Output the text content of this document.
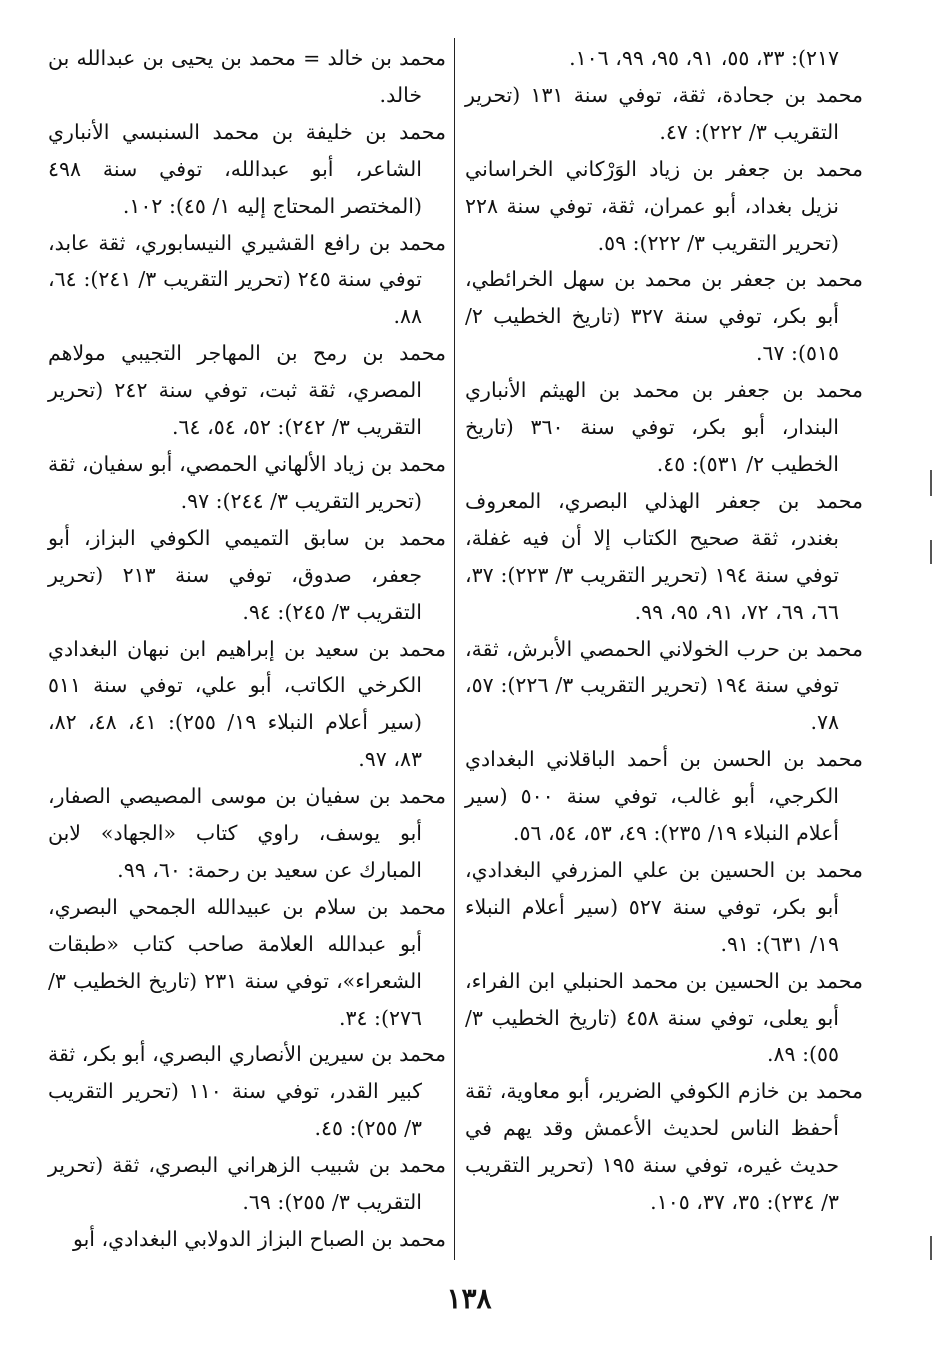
٢١٧): ٣٣، ٥٥، ٩١، ٩٥، ٩٩، ١٠٦.

محمد بن جحادة، ثقة، توفي سنة ١٣١ (تحرير التقريب ٣/ ٢٢٢): ٤٧.

محمد بن جعفر بن زياد الوَرْكاني الخراساني نزيل بغداد، أبو عمران، ثقة، توفي سنة ٢٢٨ (تحرير التقريب ٣/ ٢٢٢): ٥٩.

محمد بن جعفر بن محمد بن سهل الخرائطي، أبو بكر، توفي سنة ٣٢٧ (تاريخ الخطيب ٢/ ٥١٥): ٦٧.

محمد بن جعفر بن محمد بن الهيثم الأنباري البندار، أبو بكر، توفي سنة ٣٦٠ (تاريخ الخطيب ٢/ ٥٣١): ٤٥.

محمد بن جعفر الهذلي البصري، المعروف بغندر، ثقة صحيح الكتاب إلا أن فيه غفلة، توفي سنة ١٩٤ (تحرير التقريب ٣/ ٢٢٣): ٣٧، ٦٦، ٦٩، ٧٢، ٩١، ٩٥، ٩٩.

محمد بن حرب الخولاني الحمصي الأبرش، ثقة، توفي سنة ١٩٤ (تحرير التقريب ٣/ ٢٢٦): ٥٧، ٧٨.

محمد بن الحسن بن أحمد الباقلاني البغدادي الكرجي، أبو غالب، توفي سنة ٥٠٠ (سير أعلام النبلاء ١٩/ ٢٣٥): ٤٩، ٥٣، ٥٤، ٥٦.

محمد بن الحسين بن علي المزرفي البغدادي، أبو بكر، توفي سنة ٥٢٧ (سير أعلام النبلاء ١٩/ ٦٣١): ٩١.

محمد بن الحسين بن محمد الحنبلي ابن الفراء، أبو يعلى، توفي سنة ٤٥٨ (تاريخ الخطيب ٣/ ٥٥): ٨٩.

محمد بن خازم الكوفي الضرير، أبو معاوية، ثقة أحفظ الناس لحديث الأعمش وقد يهم في حديث غيره، توفي سنة ١٩٥ (تحرير التقريب ٣/ ٢٣٤): ٣٥، ٣٧، ١٠٥.

محمد بن خالد = محمد بن يحيى بن عبدالله بن خالد.

محمد بن خليفة بن محمد السنبسي الأنباري الشاعر، أبو عبدالله، توفي سنة ٤٩٨ (المختصر المحتاج إليه ١/ ٤٥): ١٠٢.

محمد بن رافع القشيري النيسابوري، ثقة عابد، توفي سنة ٢٤٥ (تحرير التقريب ٣/ ٢٤١): ٦٤، ٨٨.

محمد بن رمح بن المهاجر التجيبي مولاهم المصري، ثقة ثبت، توفي سنة ٢٤٢ (تحرير التقريب ٣/ ٢٤٢): ٥٢، ٥٤، ٦٤.

محمد بن زياد الألهاني الحمصي، أبو سفيان، ثقة (تحرير التقريب ٣/ ٢٤٤): ٩٧.

محمد بن سابق التميمي الكوفي البزاز، أبو جعفر، صدوق، توفي سنة ٢١٣ (تحرير التقريب ٣/ ٢٤٥): ٩٤.

محمد بن سعيد بن إبراهيم ابن نبهان البغدادي الكرخي الكاتب، أبو علي، توفي سنة ٥١١ (سير أعلام النبلاء ١٩/ ٢٥٥): ٤١، ٤٨، ٨٢، ٨٣، ٩٧.

محمد بن سفيان بن موسى المصيصي الصفار، أبو يوسف، راوي كتاب «الجهاد» لابن المبارك عن سعيد بن رحمة: ٦٠، ٩٩.

محمد بن سلام بن عبيدالله الجمحي البصري، أبو عبدالله العلامة صاحب كتاب «طبقات الشعراء»، توفي سنة ٢٣١ (تاريخ الخطيب ٣/ ٢٧٦): ٣٤.

محمد بن سيرين الأنصاري البصري، أبو بكر، ثقة كبير القدر، توفي سنة ١١٠ (تحرير التقريب ٣/ ٢٥٥): ٤٥.

محمد بن شبيب الزهراني البصري، ثقة (تحرير التقريب ٣/ ٢٥٥): ٦٩.

محمد بن الصباح البزاز الدولابي البغدادي، أبو

١٣٨
